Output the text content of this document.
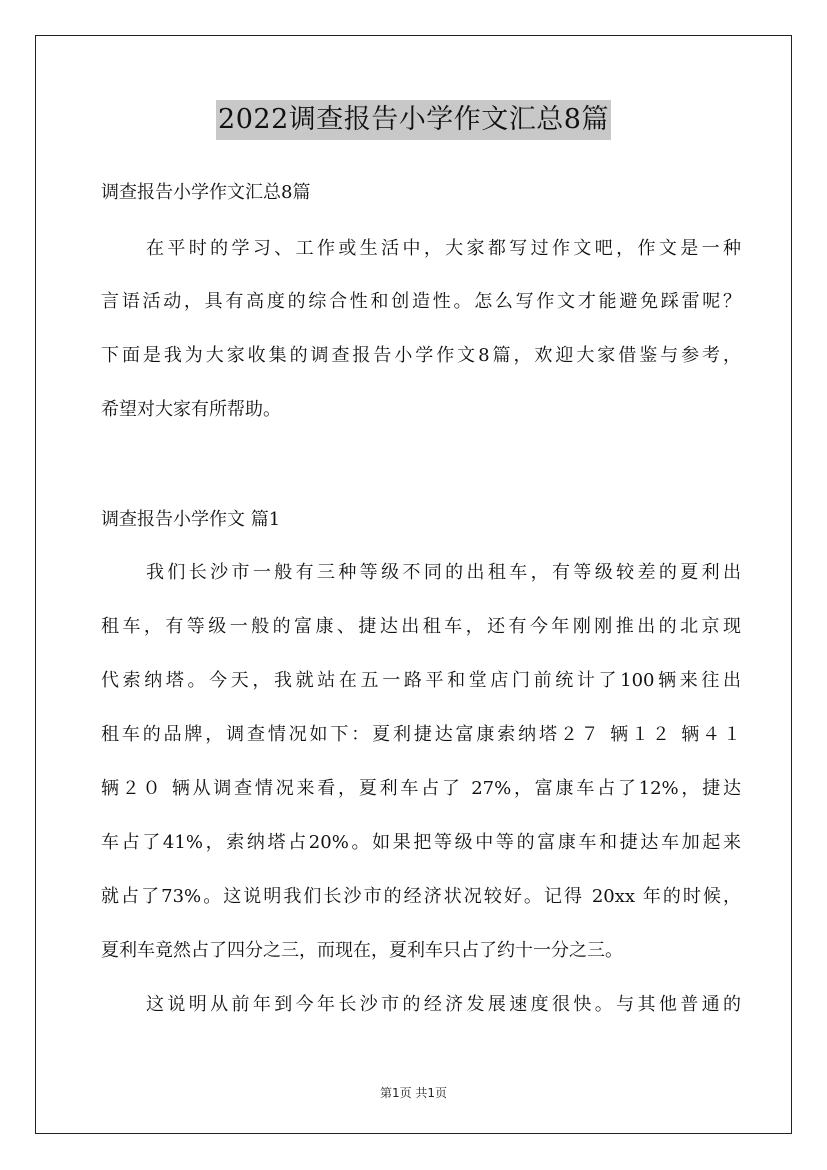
2022调查报告小学作文汇总8篇
调查报告小学作文汇总8篇
在平时的学习、工作或生活中，大家都写过作文吧，作文是一种
言语活动，具有高度的综合性和创造性。怎么写作文才能避免踩雷呢？
下面是我为大家收集的调查报告小学作文8篇，欢迎大家借鉴与参考，
希望对大家有所帮助。
调查报告小学作文 篇1
我们长沙市一般有三种等级不同的出租车，有等级较差的夏利出
租车，有等级一般的富康、捷达出租车，还有今年刚刚推出的北京现
代索纳塔。今天，我就站在五一路平和堂店门前统计了100辆来往出
租车的品牌，调查情况如下：夏利捷达富康索纳塔２７ 辆１２ 辆４１
辆２０ 辆从调查情况来看，夏利车占了 27%，富康车占了12%，捷达
车占了41%，索纳塔占20%。如果把等级中等的富康车和捷达车加起来
就占了73%。这说明我们长沙市的经济状况较好。记得 20xx 年的时候，
夏利车竟然占了四分之三，而现在，夏利车只占了约十一分之三。
这说明从前年到今年长沙市的经济发展速度很快。与其他普通的
第1页 共1页
